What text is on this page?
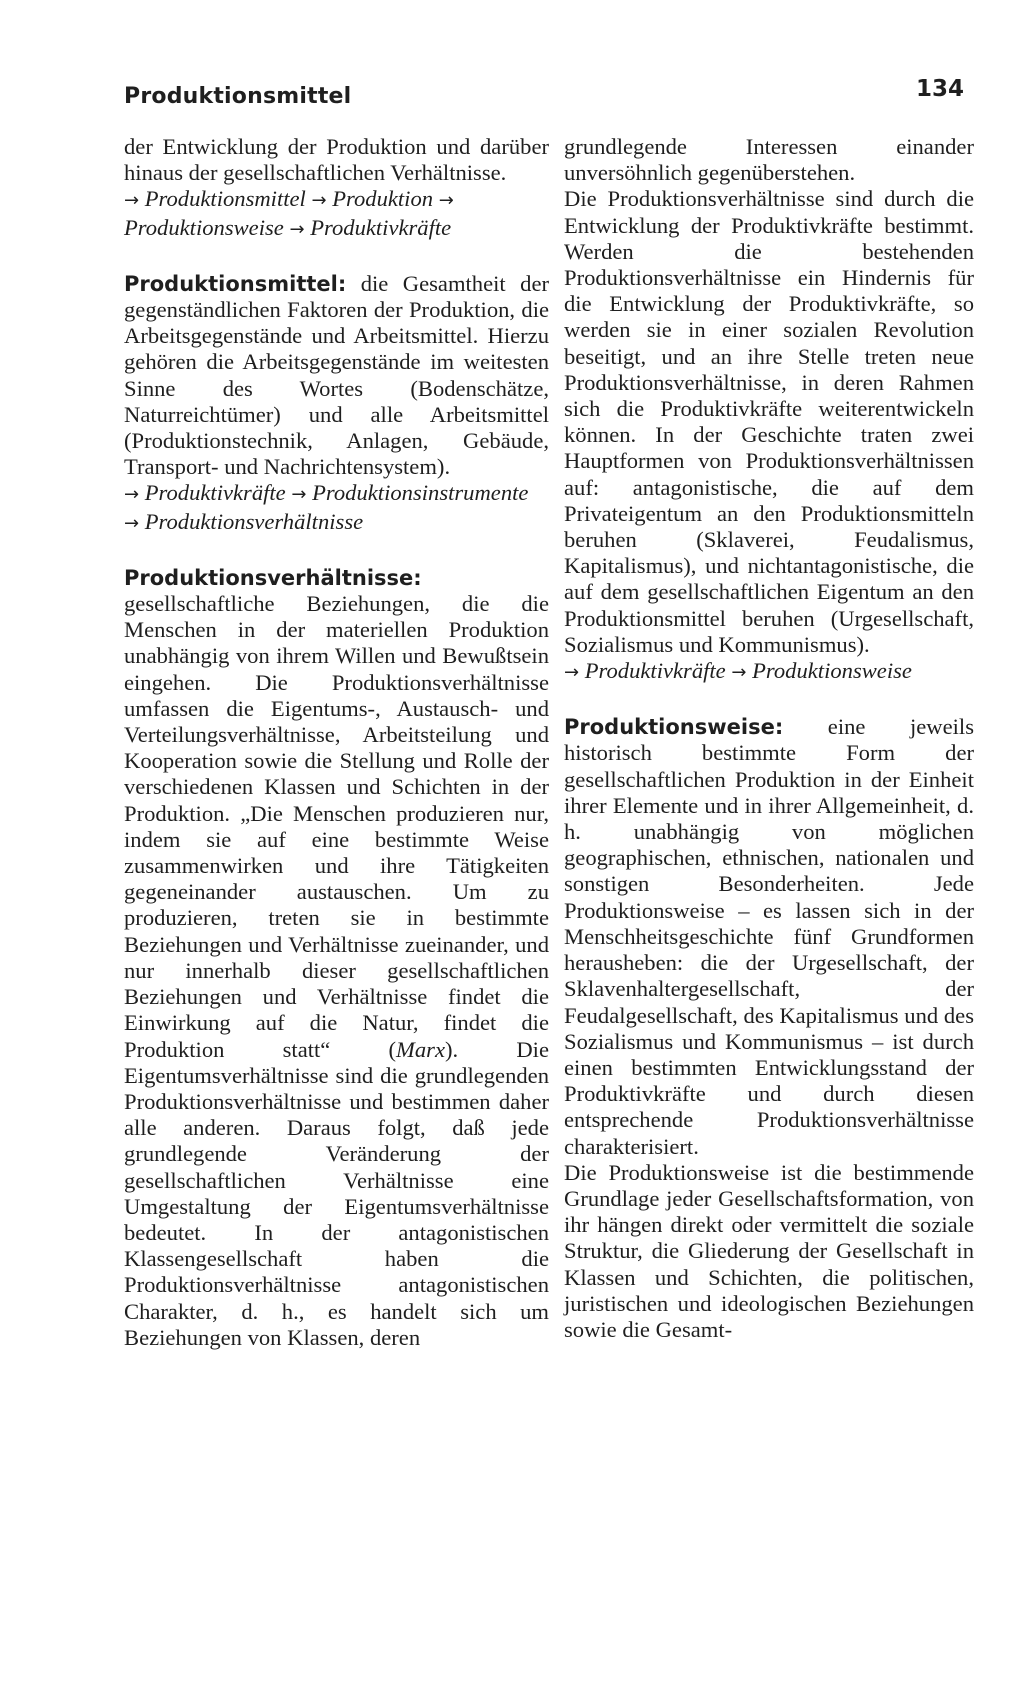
Produktionsmittel	134

der Entwicklung der Produktion und darüber hinaus der gesellschaftlichen Verhältnisse.

→ Produktionsmittel → Produktion → Produktionsweise → Produktivkräfte

Produktionsmittel: die Gesamtheit der gegenständlichen Faktoren der Produktion, die Arbeitsgegenstände und Arbeitsmittel. Hierzu gehören die Arbeitsgegenstände im weitesten Sinne des Wortes (Bodenschätze, Naturreichtümer) und alle Arbeitsmittel (Produktionstechnik, Anlagen, Gebäude, Transport- und Nachrichtensystem).

→ Produktivkräfte → Produktionsinstrumente → Produktionsverhältnisse

Produktionsverhältnisse: gesellschaftliche Beziehungen, die die Menschen in der materiellen Produktion unabhängig von ihrem Willen und Bewußtsein eingehen. Die Produktionsverhältnisse umfassen die Eigentums-, Austausch- und Verteilungsverhältnisse, Arbeitsteilung und Kooperation sowie die Stellung und Rolle der verschiedenen Klassen und Schichten in der Produktion. „Die Menschen produzieren nur, indem sie auf eine bestimmte Weise zusammenwirken und ihre Tätigkeiten gegeneinander austauschen. Um zu produzieren, treten sie in bestimmte Beziehungen und Verhältnisse zueinander, und nur innerhalb dieser gesellschaftlichen Beziehungen und Verhältnisse findet die Einwirkung auf die Natur, findet die Produktion statt“ (Marx). Die Eigentumsverhältnisse sind die grundlegenden Produktionsverhältnisse und bestimmen daher alle anderen. Daraus folgt, daß jede grundlegende Veränderung der gesellschaftlichen Verhältnisse eine Umgestaltung der Eigentumsverhältnisse bedeutet. In der antagonistischen Klassengesellschaft haben die Produktionsverhältnisse antagonistischen Charakter, d. h., es handelt sich um Beziehungen von Klassen, deren

grundlegende Interessen einander unversöhnlich gegenüberstehen.

Die Produktionsverhältnisse sind durch die Entwicklung der Produktivkräfte bestimmt. Werden die bestehenden Produktionsverhältnisse ein Hindernis für die Entwicklung der Produktivkräfte, so werden sie in einer sozialen Revolution beseitigt, und an ihre Stelle treten neue Produktionsverhältnisse, in deren Rahmen sich die Produktivkräfte weiterentwickeln können. In der Geschichte traten zwei Hauptformen von Produktionsverhältnissen auf: antagonistische, die auf dem Privateigentum an den Produktionsmitteln beruhen (Sklaverei, Feudalismus, Kapitalismus), und nichtantagonistische, die auf dem gesellschaftlichen Eigentum an den Produktionsmittel beruhen (Urgesellschaft, Sozialismus und Kommunismus).

→ Produktivkräfte → Produktionsweise

Produktionsweise: eine jeweils historisch bestimmte Form der gesellschaftlichen Produktion in der Einheit ihrer Elemente und in ihrer Allgemeinheit, d. h. unabhängig von möglichen geographischen, ethnischen, nationalen und sonstigen Besonderheiten. Jede Produktionsweise – es lassen sich in der Menschheitsgeschichte fünf Grundformen herausheben: die der Urgesellschaft, der Sklavenhaltergesellschaft, der Feudalgesellschaft, des Kapitalismus und des Sozialismus und Kommunismus – ist durch einen bestimmten Entwicklungsstand der Produktivkräfte und durch diesen entsprechende Produktionsverhältnisse charakterisiert.

Die Produktionsweise ist die bestimmende Grundlage jeder Gesellschaftsformation, von ihr hängen direkt oder vermittelt die soziale Struktur, die Gliederung der Gesellschaft in Klassen und Schichten, die politischen, juristischen und ideologischen Beziehungen sowie die Gesamt-
